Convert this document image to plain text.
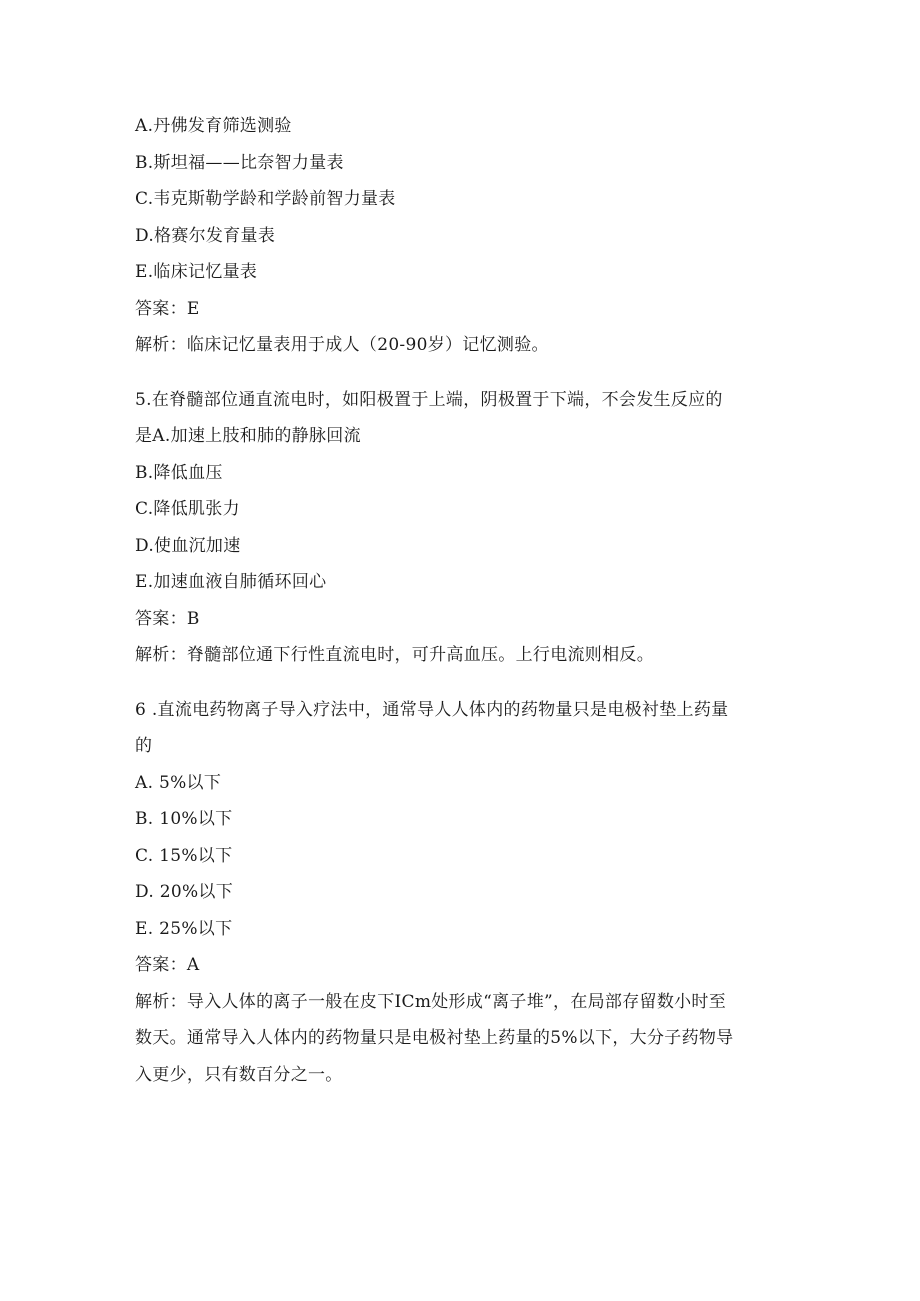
A.丹佛发育筛选测验
B.斯坦福——比奈智力量表
C.韦克斯勒学龄和学龄前智力量表
D.格赛尔发育量表
E.临床记忆量表
答案：E
解析：临床记忆量表用于成人（20-90岁）记忆测验。
5.在脊髓部位通直流电时，如阳极置于上端，阴极置于下端，不会发生反应的
是A.加速上肢和肺的静脉回流
B.降低血压
C.降低肌张力
D.使血沉加速
E.加速血液自肺循环回心
答案：B
解析：脊髓部位通下行性直流电时，可升高血压。上行电流则相反。
6 .直流电药物离子导入疗法中，通常导人人体内的药物量只是电极衬垫上药量
的
A. 5%以下
B. 10%以下
C. 15%以下
D. 20%以下
E. 25%以下
答案：A
解析：导入人体的离子一般在皮下ICm处形成“离子堆”，在局部存留数小时至
数天。通常导入人体内的药物量只是电极衬垫上药量的5%以下，大分子药物导
入更少，只有数百分之一。
